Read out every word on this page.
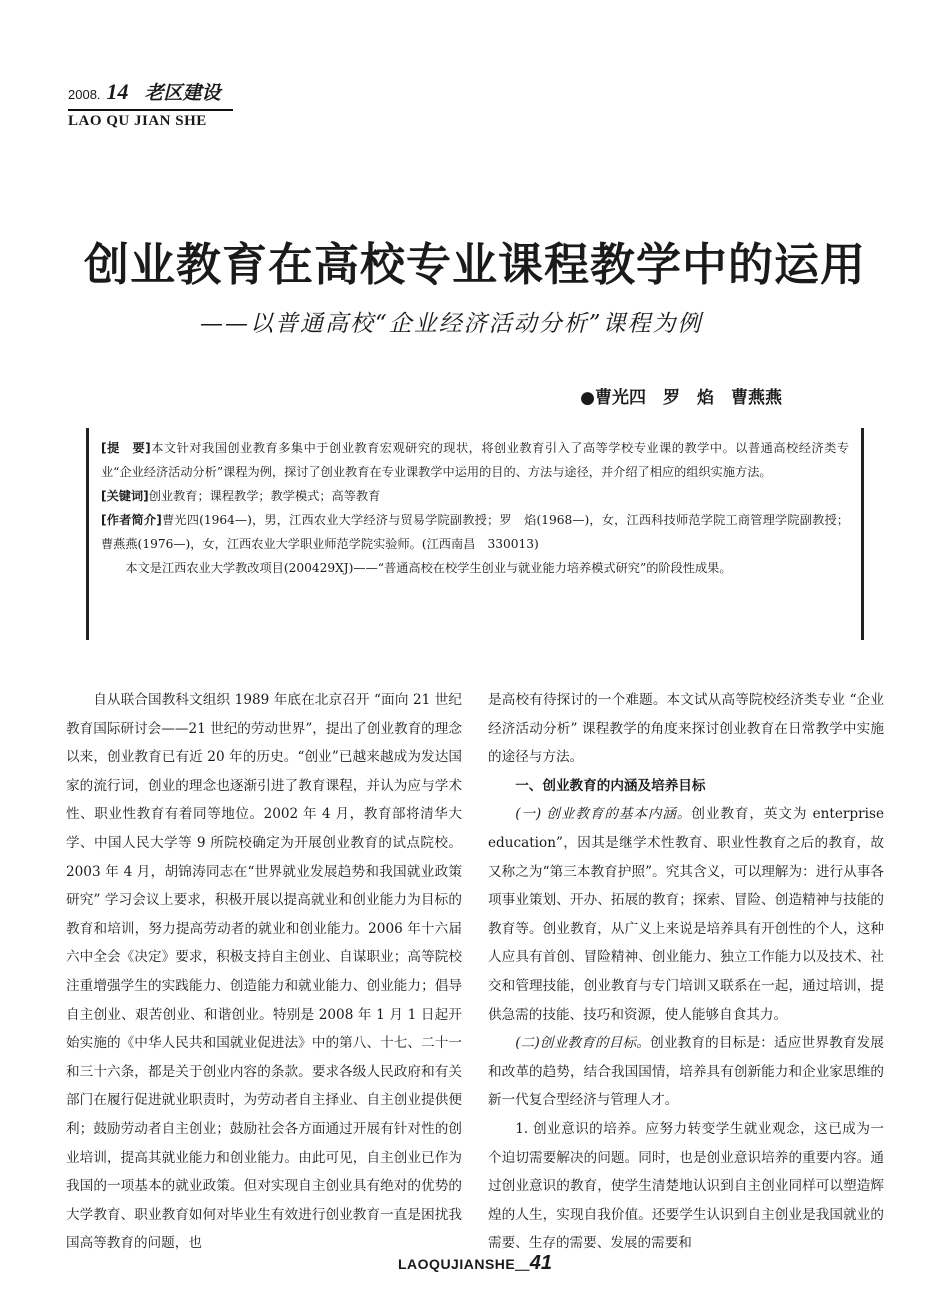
2008. 14 老区建设
LAO QU JIAN SHE
创业教育在高校专业课程教学中的运用
——以普通高校“企业经济活动分析”课程为例
●曹光四　罗　焰　曹燕燕

[提　要]本文针对我国创业教育多集中于创业教育宏观研究的现状，将创业教育引入了高等学校专业课的教学中。以普通高校经济类专业“企业经济活动分析”课程为例，探讨了创业教育在专业课教学中运用的目的、方法与途径，并介绍了相应的组织实施方法。

[关键词]创业教育；课程教学；教学模式；高等教育

[作者简介]曹光四(1964—)，男，江西农业大学经济与贸易学院副教授；罗　焰(1968—)，女，江西科技师范学院工商管理学院副教授；曹燕燕(1976—)，女，江西农业大学职业师范学院实验师。(江西南昌　330013)

本文是江西农业大学教改项目(200429XJ)——“普通高校在校学生创业与就业能力培养模式研究”的阶段性成果。

自从联合国教科文组织 1989 年底在北京召开 “面向 21 世纪教育国际研讨会——21 世纪的劳动世界”，提出了创业教育的理念以来，创业教育已有近 20 年的历史。“创业”已越来越成为发达国家的流行词，创业的理念也逐渐引进了教育课程，并认为应与学术性、职业性教育有着同等地位。2002 年 4 月，教育部将清华大学、中国人民大学等 9 所院校确定为开展创业教育的试点院校。2003 年 4 月，胡锦涛同志在“世界就业发展趋势和我国就业政策研究” 学习会议上要求，积极开展以提高就业和创业能力为目标的教育和培训，努力提高劳动者的就业和创业能力。2006 年十六届六中全会《决定》要求，积极支持自主创业、自谋职业；高等院校注重增强学生的实践能力、创造能力和就业能力、创业能力；倡导自主创业、艰苦创业、和谐创业。特别是 2008 年 1 月 1 日起开始实施的《中华人民共和国就业促进法》中的第八、十七、二十一和三十六条，都是关于创业内容的条款。要求各级人民政府和有关部门在履行促进就业职责时，为劳动者自主择业、自主创业提供便利；鼓励劳动者自主创业；鼓励社会各方面通过开展有针对性的创业培训，提高其就业能力和创业能力。由此可见，自主创业已作为我国的一项基本的就业政策。但对实现自主创业具有绝对的优势的大学教育、职业教育如何对毕业生有效进行创业教育一直是困扰我国高等教育的问题，也

是高校有待探讨的一个难题。本文试从高等院校经济类专业 “企业经济活动分析” 课程教学的角度来探讨创业教育在日常教学中实施的途径与方法。

一、创业教育的内涵及培养目标

(一) 创业教育的基本内涵。创业教育，英文为 enterprise education”，因其是继学术性教育、职业性教育之后的教育，故又称之为“第三本教育护照”。究其含义，可以理解为：进行从事各项事业策划、开办、拓展的教育；探索、冒险、创造精神与技能的教育等。创业教育，从广义上来说是培养具有开创性的个人，这种人应具有首创、冒险精神、创业能力、独立工作能力以及技术、社交和管理技能，创业教育与专门培训又联系在一起，通过培训，提供急需的技能、技巧和资源，使人能够自食其力。

(二)创业教育的目标。创业教育的目标是：适应世界教育发展和改革的趋势，结合我国国情，培养具有创新能力和企业家思维的新一代复合型经济与管理人才。

1. 创业意识的培养。应努力转变学生就业观念，这已成为一个迫切需要解决的问题。同时，也是创业意识培养的重要内容。通过创业意识的教育，使学生清楚地认识到自主创业同样可以塑造辉煌的人生，实现自我价值。还要学生认识到自主创业是我国就业的需要、生存的需要、发展的需要和

LAOQUJIANSHE＿41
